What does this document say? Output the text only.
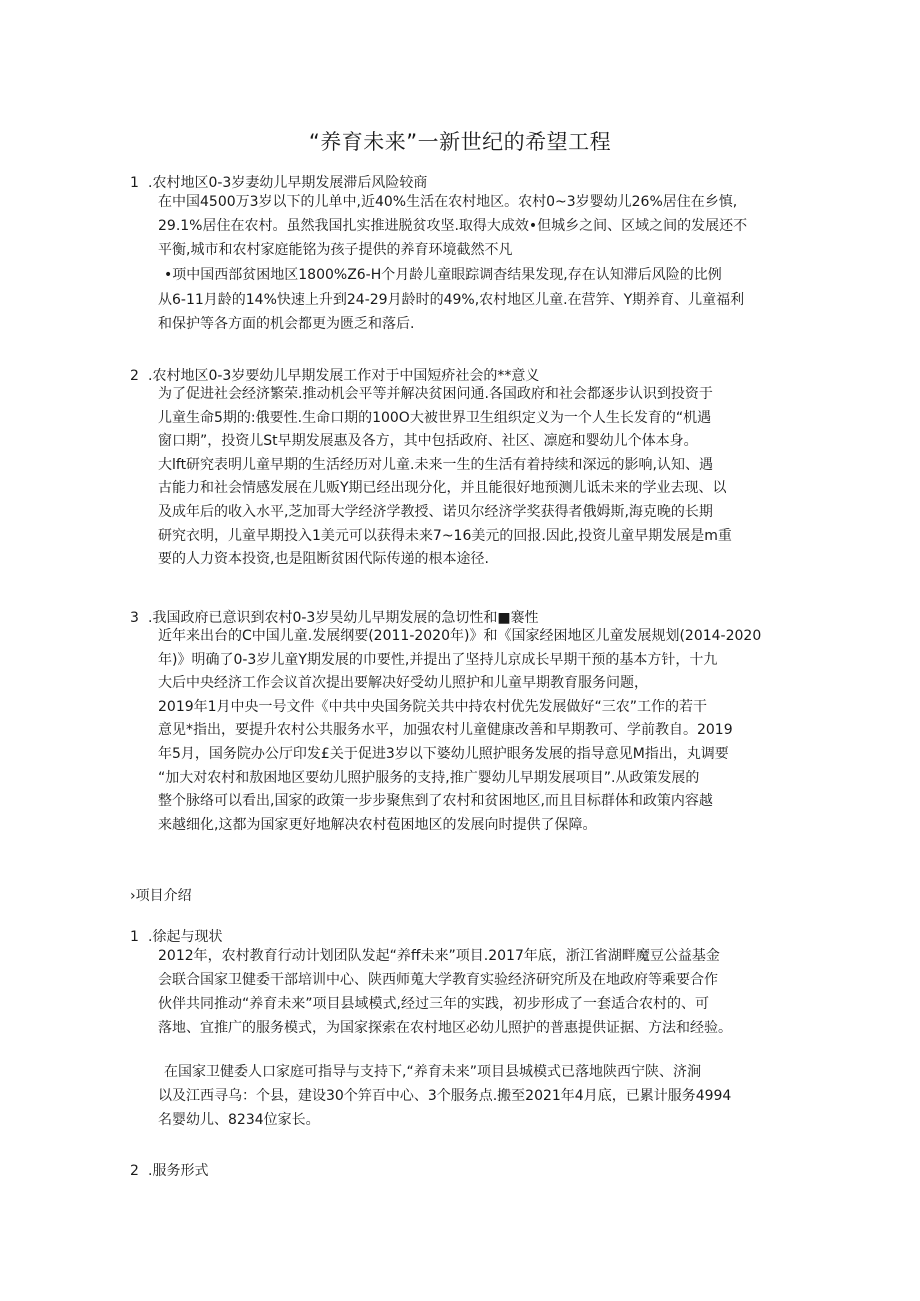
“养育未来”一新世纪的希望工程
1 .农村地区0-3岁妻幼儿早期发展滞后风险较商
在中国4500万3岁以下的儿单中,近40%生活在农村地区。农村0~3岁婴幼儿26%居住在乡慎,
29.1%居住在农村。虽然我国扎实推进脱贫攻坚.取得大成效•但城乡之间、区域之间的发展还不
平衡,城市和农村家庭能铭为孩子提供的养育环境截然不凡
•项中国西部贫困地区1800%Z6-H个月龄儿童眼踪调杳结果发现,存在认知滞后风险的比例
从6-11月龄的14%快速上升到24-29月龄时的49%,农村地区儿童.在营笄、Y期养育、儿童福利
和保护等各方面的机会都更为匮乏和落后.
2 .农村地区0-3岁要幼儿早期发展工作对于中国短疥社会的**意义
为了促进社会经济繁荣.推动机会平等并解决贫困问通.各国政府和社会都逐步认识到投资于
儿童生命5期的:俄要性.生命口期的100O大被世界卫生组织定义为一个人生长发育的“机遇
窗口期”，投资儿St早期发展惠及各方，其中包括政府、社区、凛庭和婴幼儿个体本身。
大lft研究表明儿童早期的生活经历对儿童.未来一生的生活有着持续和深远的影响,认知、遇
古能力和社会情感发展在儿贩Y期已经出现分化，并且能很好地预测儿诋未来的学业去现、以
及成年后的收入水平,芝加哥大学经济学教授、诺贝尔经济学奖获得者俄姆斯,海克晚的长期
研究衣明，儿童早期投入1美元可以获得未来7~16美元的回报.因此,投资儿童早期发展是m重
要的人力资本投资,也是阻断贫困代际传递的根本途径.
3 .我国政府已意识到农村0-3岁昊幼儿早期发展的急切性和■褰性
近年来出台的C中国儿童.发展纲要(2011-2020年)》和《国家经困地区儿童发展规划(2014-2020
年)》明确了0-3岁儿童Y期发展的巾要性,并提出了坚持儿京成长早期干预的基本方针，十九
大后中央经济工作会议首次提出要解决好受幼儿照护和儿童早期教育服务问题，
2019年1月中央一号文件《中共中央国务院关共中持农村优先发展做好“三农”工作的若干
意见*指出，要提升农村公共服务水平，加强农村儿童健康改善和早期教可、学前教自。2019
年5月，国务院办公厅印发£关于促进3岁以下婆幼儿照护眼务发展的指导意见M指出，丸调要
“加大对农村和敖困地区要幼儿照护服务的支持,推广婴幼儿早期发展项目”.从政策发展的
整个脉络可以看出,国家的政策一步步聚焦到了农村和贫困地区,而且目标群体和政策内容越
来越细化,这都为国家更好地解决农村苞困地区的发展向时提供了保障。
›项目介绍
1 .徐起与现状
2012年，农村教育行动计划团队发起“养ff未来”项目.2017年底，浙江省湖畔魔豆公益基金
会联合国家卫健委干部培训中心、陕西师蒐大学教育实验经济研究所及在地政府等乘要合作
伙伴共同推动“养育未来”项目县域模式,经过三年的实践，初步形成了一套适合农村的、可
落地、宜推广的服务模式，为国家探索在农村地区必幼儿照护的普惠提供证据、方法和经验。
在国家卫健委人口家庭可指导与支持下,“养育未来”项目县城模式已落地陕西宁陕、济涧
以及江西寻乌：个县，建设30个笄百中心、3个服务点.搬至2021年4月底，已累计服务4994
名婴幼儿、8234位家长。
2 .服务形式
